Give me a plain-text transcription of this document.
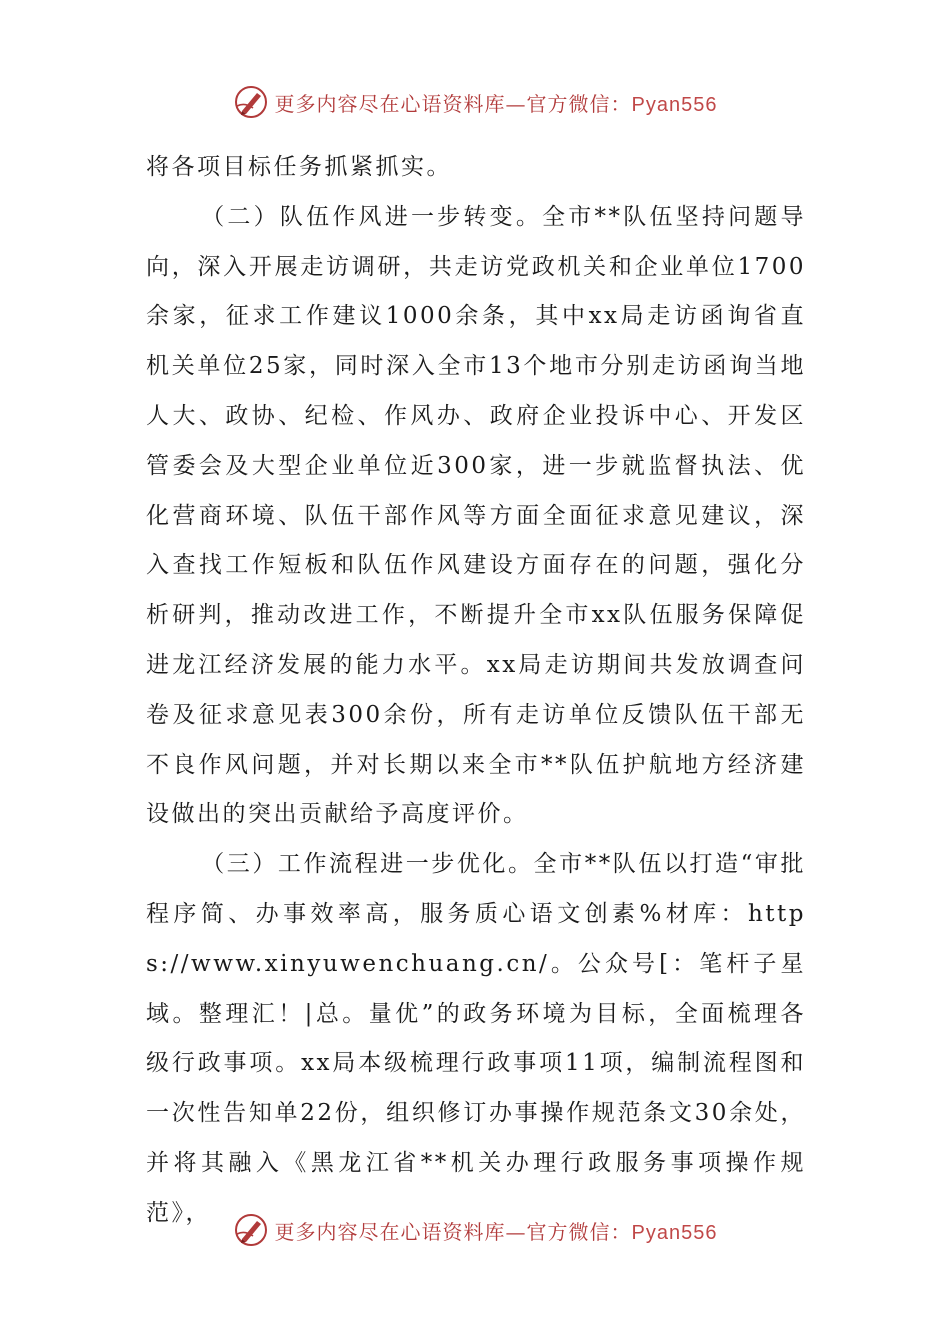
更多内容尽在心语资料库—官方微信：Pyan556

将各项目标任务抓紧抓实。

（二）队伍作风进一步转变。全市**队伍坚持问题导向，深入开展走访调研，共走访党政机关和企业单位1700余家，征求工作建议1000余条，其中xx局走访函询省直机关单位25家，同时深入全市13个地市分别走访函询当地人大、政协、纪检、作风办、政府企业投诉中心、开发区管委会及大型企业单位近300家，进一步就监督执法、优化营商环境、队伍干部作风等方面全面征求意见建议，深入查找工作短板和队伍作风建设方面存在的问题，强化分析研判，推动改进工作，不断提升全市xx队伍服务保障促进龙江经济发展的能力水平。xx局走访期间共发放调查问卷及征求意见表300余份，所有走访单位反馈队伍干部无不良作风问题，并对长期以来全市**队伍护航地方经济建设做出的突出贡献给予高度评价。

（三）工作流程进一步优化。全市**队伍以打造“审批程序简、办事效率高，服务质心语文创素%材库：https://www.xinyuwenchuang.cn/。公众号[：笔杆子星域。整理汇！|总。量优”的政务环境为目标，全面梳理各级行政事项。xx局本级梳理行政事项11项，编制流程图和一次性告知单22份，组织修订办事操作规范条文30余处，并将其融入《黑龙江省**机关办理行政服务事项操作规范》，

更多内容尽在心语资料库—官方微信：Pyan556
